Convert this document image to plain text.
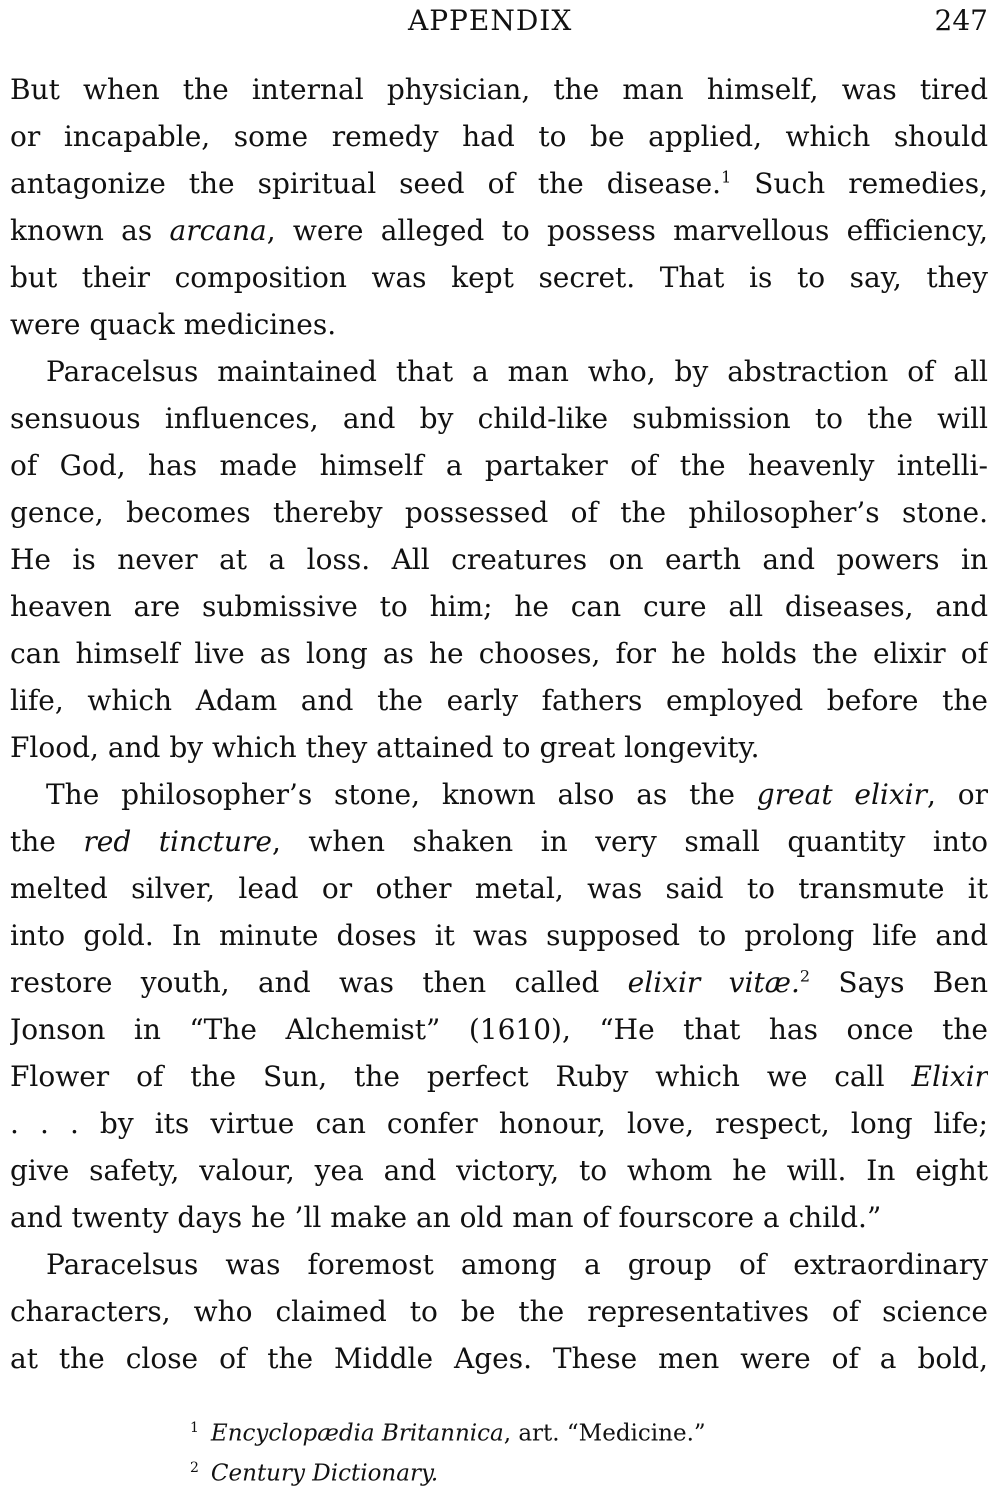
APPENDIX	247
But when the internal physician, the man himself, was tired
or incapable, some remedy had to be applied, which should
antagonize the spiritual seed of the disease.$^1$ Such remedies,
known as arcana, were alleged to possess marvellous efficiency,
but their composition was kept secret. That is to say, they
were quack medicines.
Paracelsus maintained that a man who, by abstraction of all
sensuous influences, and by child-like submission to the will
of God, has made himself a partaker of the heavenly intelli-
gence, becomes thereby possessed of the philosopher’s stone.
He is never at a loss. All creatures on earth and powers in
heaven are submissive to him; he can cure all diseases, and
can himself live as long as he chooses, for he holds the elixir of
life, which Adam and the early fathers employed before the
Flood, and by which they attained to great longevity.
The philosopher’s stone, known also as the great elixir, or
the red tincture, when shaken in very small quantity into
melted silver, lead or other metal, was said to transmute it
into gold. In minute doses it was supposed to prolong life and
restore youth, and was then called elixir vitæ.$^2$ Says Ben
Jonson in “The Alchemist” (1610), “He that has once the
Flower of the Sun, the perfect Ruby which we call Elixir
. . . by its virtue can confer honour, love, respect, long life;
give safety, valour, yea and victory, to whom he will. In eight
and twenty days he ’ll make an old man of fourscore a child.”
Paracelsus was foremost among a group of extraordinary
characters, who claimed to be the representatives of science
at the close of the Middle Ages. These men were of a bold,
$^1$ Encyclopædia Britannica, art. “Medicine.”
$^2$ Century Dictionary.
